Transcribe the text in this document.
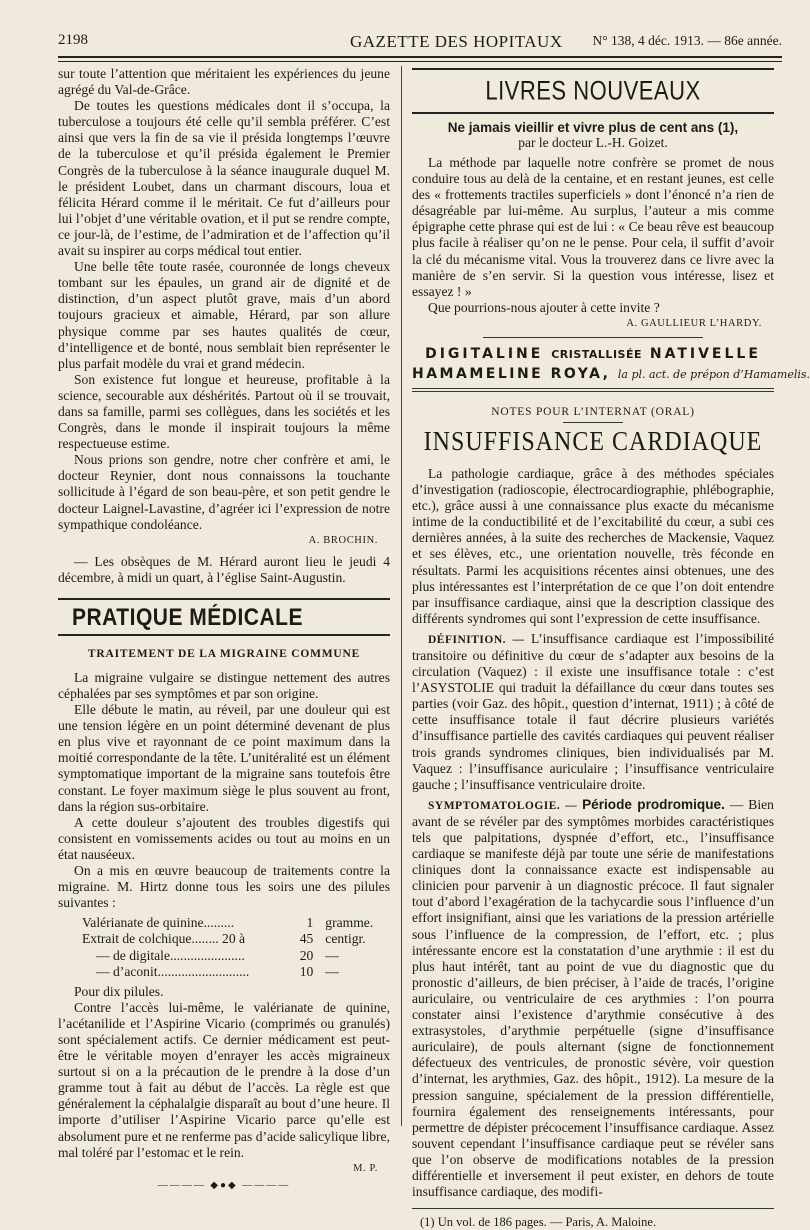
2198	GAZETTE DES HOPITAUX N° 138, 4 déc. 1913. — 86e année.

sur toute l’attention que méritaient les expériences du jeune agrégé du Val-de-Grâce.

De toutes les questions médicales dont il s’occupa, la tuberculose a toujours été celle qu’il sembla préférer. C’est ainsi que vers la fin de sa vie il présida longtemps l’œuvre de la tuberculose et qu’il présida également le Premier Congrès de la tuberculose à la séance inaugurale duquel M. le président Loubet, dans un charmant discours, loua et félicita Hérard comme il le méritait. Ce fut d’ailleurs pour lui l’objet d’une véritable ovation, et il put se rendre compte, ce jour-là, de l’estime, de l’admiration et de l’affection qu’il avait su inspirer au corps médical tout entier.

Une belle tête toute rasée, couronnée de longs cheveux tombant sur les épaules, un grand air de dignité et de distinction, d’un aspect plutôt grave, mais d’un abord toujours gracieux et aimable, Hérard, par son allure physique comme par ses hautes qualités de cœur, d’intelligence et de bonté, nous semblait bien représenter le plus parfait modèle du vrai et grand médecin.

Son existence fut longue et heureuse, profitable à la science, secourable aux déshérités. Partout où il se trouvait, dans sa famille, parmi ses collègues, dans les sociétés et les Congrès, dans le monde il inspirait toujours la même respectueuse estime.

Nous prions son gendre, notre cher confrère et ami, le docteur Reynier, dont nous connaissons la touchante sollicitude à l’égard de son beau-père, et son petit gendre le docteur Laignel-Lavastine, d’agréer ici l’expression de notre sympathique condoléance.

A. BROCHIN.

— Les obsèques de M. Hérard auront lieu le jeudi 4 décembre, à midi un quart, à l’église Saint-Augustin.

PRATIQUE MÉDICALE
TRAITEMENT DE LA MIGRAINE COMMUNE

La migraine vulgaire se distingue nettement des autres céphalées par ses symptômes et par son origine.

Elle débute le matin, au réveil, par une douleur qui est une tension légère en un point déterminé devenant de plus en plus vive et rayonnant de ce point maximum dans la moitié correspondante de la tête. L’unitéralité est un élément symptomatique important de la migraine sans toutefois être constant. Le foyer maximum siège le plus souvent au front, dans la région sus-orbitaire.

A cette douleur s’ajoutent des troubles digestifs qui consistent en vomissements acides ou tout au moins en un état nauséeux.

On a mis en œuvre beaucoup de traitements contre la migraine. M. Hirtz donne tous les soirs une des pilules suivantes :

Valérianate de quinine.........	1	gramme.
Extrait de colchique........ 20 à	45	centigr.
— de digitale......................	20	—
— d’aconit...........................	10	—

Pour dix pilules.

Contre l’accès lui-même, le valérianate de quinine, l’acétanilide et l’Aspirine Vicario (comprimés ou granulés) sont spécialement actifs. Ce dernier médicament est peut-être le véritable moyen d’enrayer les accès migraineux surtout si on a la précaution de le prendre à la dose d’un gramme tout à fait au début de l’accès. La règle est que généralement la céphalalgie disparaît au bout d’une heure. Il importe d’utiliser l’Aspirine Vicario parce qu’elle est absolument pure et ne renferme pas d’acide salicylique libre, mal toléré par l’estomac et le rein.

M. P.
———— ◆●◆ ————
LIVRES NOUVEAUX
Ne jamais vieillir et vivre plus de cent ans (1),
par le docteur L.-H. Goizet.

La méthode par laquelle notre confrère se promet de nous conduire tous au delà de la centaine, et en restant jeunes, est celle des « frottements tractiles superficiels » dont l’énoncé n’a rien de désagréable par lui-même. Au surplus, l’auteur a mis comme épigraphe cette phrase qui est de lui : « Ce beau rêve est beaucoup plus facile à réaliser qu’on ne le pense. Pour cela, il suffit d’avoir la clé du mécanisme vital. Vous la trouverez dans ce livre avec la manière de s’en servir. Si la question vous intéresse, lisez et essayez ! »

Que pourrions-nous ajouter à cette invite ?

A. GAULLIEUR L’HARDY.
DIGITALINE CRISTALLISÉE NATIVELLE
HAMAMELINE ROYA, la pl. act. de prépon d’Hamamelis.
NOTES POUR L’INTERNAT (ORAL)
INSUFFISANCE CARDIAQUE

La pathologie cardiaque, grâce à des méthodes spéciales d’investigation (radioscopie, électrocardiographie, phlébographie, etc.), grâce aussi à une connaissance plus exacte du mécanisme intime de la conductibilité et de l’excitabilité du cœur, a subi ces dernières années, à la suite des recherches de Mackensie, Vaquez et ses élèves, etc., une orientation nouvelle, très féconde en résultats. Parmi les acquisitions récentes ainsi obtenues, une des plus intéressantes est l’interprétation de ce que l’on doit entendre par insuffisance cardiaque, ainsi que la description classique des différents syndromes qui sont l’expression de cette insuffisance.

DÉFINITION. — L’insuffisance cardiaque est l’impossibilité transitoire ou définitive du cœur de s’adapter aux besoins de la circulation (Vaquez) : il existe une insuffisance totale : c’est l’ASYSTOLIE qui traduit la défaillance du cœur dans toutes ses parties (voir Gaz. des hôpit., question d’internat, 1911) ; à côté de cette insuffisance totale il faut décrire plusieurs variétés d’insuffisance partielle des cavités cardiaques qui peuvent réaliser trois grands syndromes cliniques, bien individualisés par M. Vaquez : l’insuffisance auriculaire ; l’insuffisance ventriculaire gauche ; l’insuffisance ventriculaire droite.

SYMPTOMATOLOGIE. — Période prodromique. — Bien avant de se révéler par des symptômes morbides caractéristiques tels que palpitations, dyspnée d’effort, etc., l’insuffisance cardiaque se manifeste déjà par toute une série de manifestations cliniques dont la connaissance exacte est indispensable au clinicien pour parvenir à un diagnostic précoce. Il faut signaler tout d’abord l’exagération de la tachycardie sous l’influence d’un effort insignifiant, ainsi que les variations de la pression artérielle sous l’influence de la compression, de l’effort, etc. ; plus intéressante encore est la constatation d’une arythmie : il est du plus haut intérêt, tant au point de vue du diagnostic que du pronostic d’ailleurs, de bien préciser, à l’aide de tracés, l’origine auriculaire, ou ventriculaire de ces arythmies : l’on pourra constater ainsi l’existence d’arythmie consécutive à des extrasystoles, d’arythmie perpétuelle (signe d’insuffisance auriculaire), de pouls alternant (signe de fonctionnement défectueux des ventricules, de pronostic sévère, voir question d’internat, les arythmies, Gaz. des hôpit., 1912). La mesure de la pression sanguine, spécialement de la pression différentielle, fournira également des renseignements intéressants, pour permettre de dépister précocement l’insuffisance cardiaque. Assez souvent cependant l’insuffisance cardiaque peut se révéler sans que l’on observe de modifications notables de la pression différentielle et inversement il peut exister, en dehors de toute insuffisance cardiaque, des modifi-

(1) Un vol. de 186 pages. — Paris, A. Maloine.
